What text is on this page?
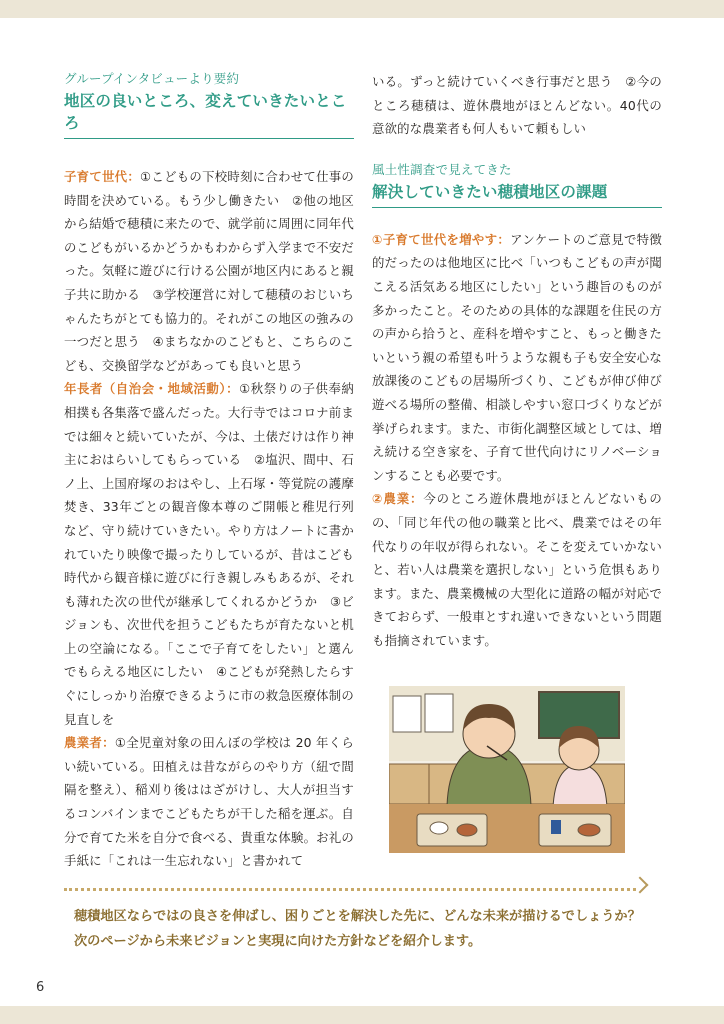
グループインタビューより要約

地区の良いところ、変えていきたいところ

子育て世代：①こどもの下校時刻に合わせて仕事の時間を決めている。もう少し働きたい　②他の地区から結婚で穂積に来たので、就学前に周囲に同年代のこどもがいるかどうかもわからず入学まで不安だった。気軽に遊びに行ける公園が地区内にあると親子共に助かる　③学校運営に対して穂積のおじいちゃんたちがとても協力的。それがこの地区の強みの一つだと思う　④まちなかのこどもと、こちらのこども、交換留学などがあっても良いと思う

年長者（自治会・地域活動）：①秋祭りの子供奉納相撲も各集落で盛んだった。大行寺ではコロナ前までは細々と続いていたが、今は、土俵だけは作り神主におはらいしてもらっている　②塩沢、間中、石ノ上、上国府塚のおはやし、上石塚・等覚院の護摩焚き、33年ごとの観音像本尊のご開帳と稚児行列など、守り続けていきたい。やり方はノートに書かれていたり映像で撮ったりしているが、昔はこども時代から観音様に遊びに行き親しみもあるが、それも薄れた次の世代が継承してくれるかどうか　③ビジョンも、次世代を担うこどもたちが育たないと机上の空論になる。「ここで子育てをしたい」と選んでもらえる地区にしたい　④こどもが発熱したらすぐにしっかり治療できるように市の救急医療体制の見直しを

農業者：①全児童対象の田んぼの学校は 20 年くらい続いている。田植えは昔ながらのやり方（紐で間隔を整え）、稲刈り後ははざがけし、大人が担当するコンバインまでこどもたちが干した稲を運ぶ。自分で育てた米を自分で食べる、貴重な体験。お礼の手紙に「これは一生忘れない」と書かれて

いる。ずっと続けていくべき行事だと思う　②今のところ穂積は、遊休農地がほとんどない。40代の意欲的な農業者も何人もいて頼もしい

風土性調査で見えてきた

解決していきたい穂積地区の課題

①子育て世代を増やす：アンケートのご意見で特徴的だったのは他地区に比べ「いつもこどもの声が聞こえる活気ある地区にしたい」という趣旨のものが多かったこと。そのための具体的な課題を住民の方の声から拾うと、産科を増やすこと、もっと働きたいという親の希望も叶うような親も子も安全安心な放課後のこどもの居場所づくり、こどもが伸び伸び遊べる場所の整備、相談しやすい窓口づくりなどが挙げられます。また、市街化調整区域としては、増え続ける空き家を、子育て世代向けにリノベーションすることも必要です。

②農業：今のところ遊休農地がほとんどないものの、「同じ年代の他の職業と比べ、農業ではその年代なりの年収が得られない。そこを変えていかないと、若い人は農業を選択しない」という危惧もあります。また、農業機械の大型化に道路の幅が対応できておらず、一般車とすれ違いできないという問題も指摘されています。

穂積地区ならではの良さを伸ばし、困りごとを解決した先に、どんな未来が描けるでしょうか？

次のページから未来ビジョンと実現に向けた方針などを紹介します。

6
